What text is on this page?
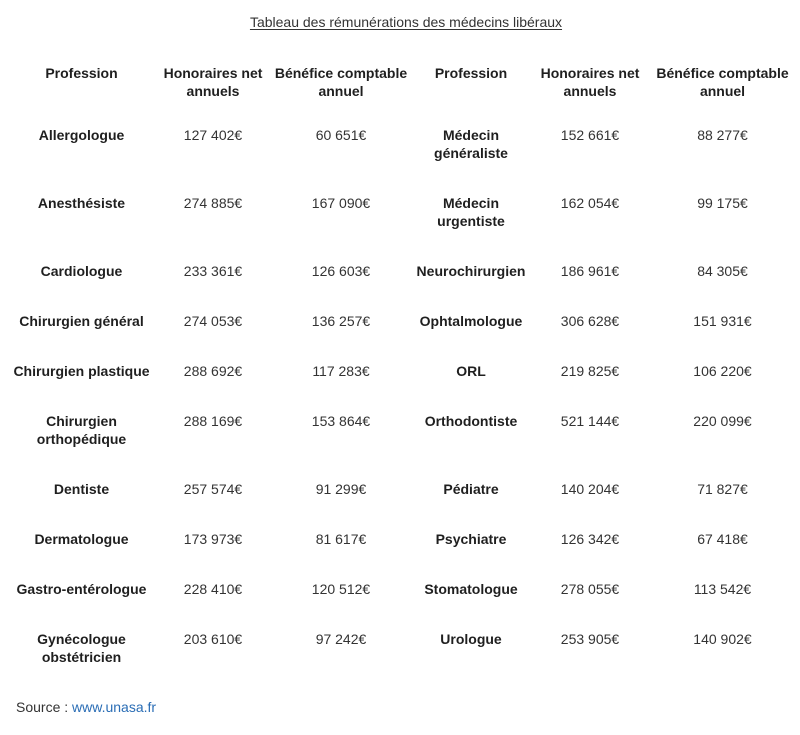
Tableau des rémunérations des médecins libéraux
Profession	Honoraires net annuels	Bénéfice comptable annuel	Profession	Honoraires net annuels	Bénéfice comptable annuel
Allergologue	127 402€	60 651€	Médecin généraliste	152 661€	88 277€
Anesthésiste	274 885€	167 090€	Médecin urgentiste	162 054€	99 175€
Cardiologue	233 361€	126 603€	Neurochirurgien	186 961€	84 305€
Chirurgien général	274 053€	136 257€	Ophtalmologue	306 628€	151 931€
Chirurgien plastique	288 692€	117 283€	ORL	219 825€	106 220€
Chirurgien orthopédique	288 169€	153 864€	Orthodontiste	521 144€	220 099€
Dentiste	257 574€	91 299€	Pédiatre	140 204€	71 827€
Dermatologue	173 973€	81 617€	Psychiatre	126 342€	67 418€
Gastro-entérologue	228 410€	120 512€	Stomatologue	278 055€	113 542€
Gynécologue obstétricien	203 610€	97 242€	Urologue	253 905€	140 902€
Source : www.unasa.fr
